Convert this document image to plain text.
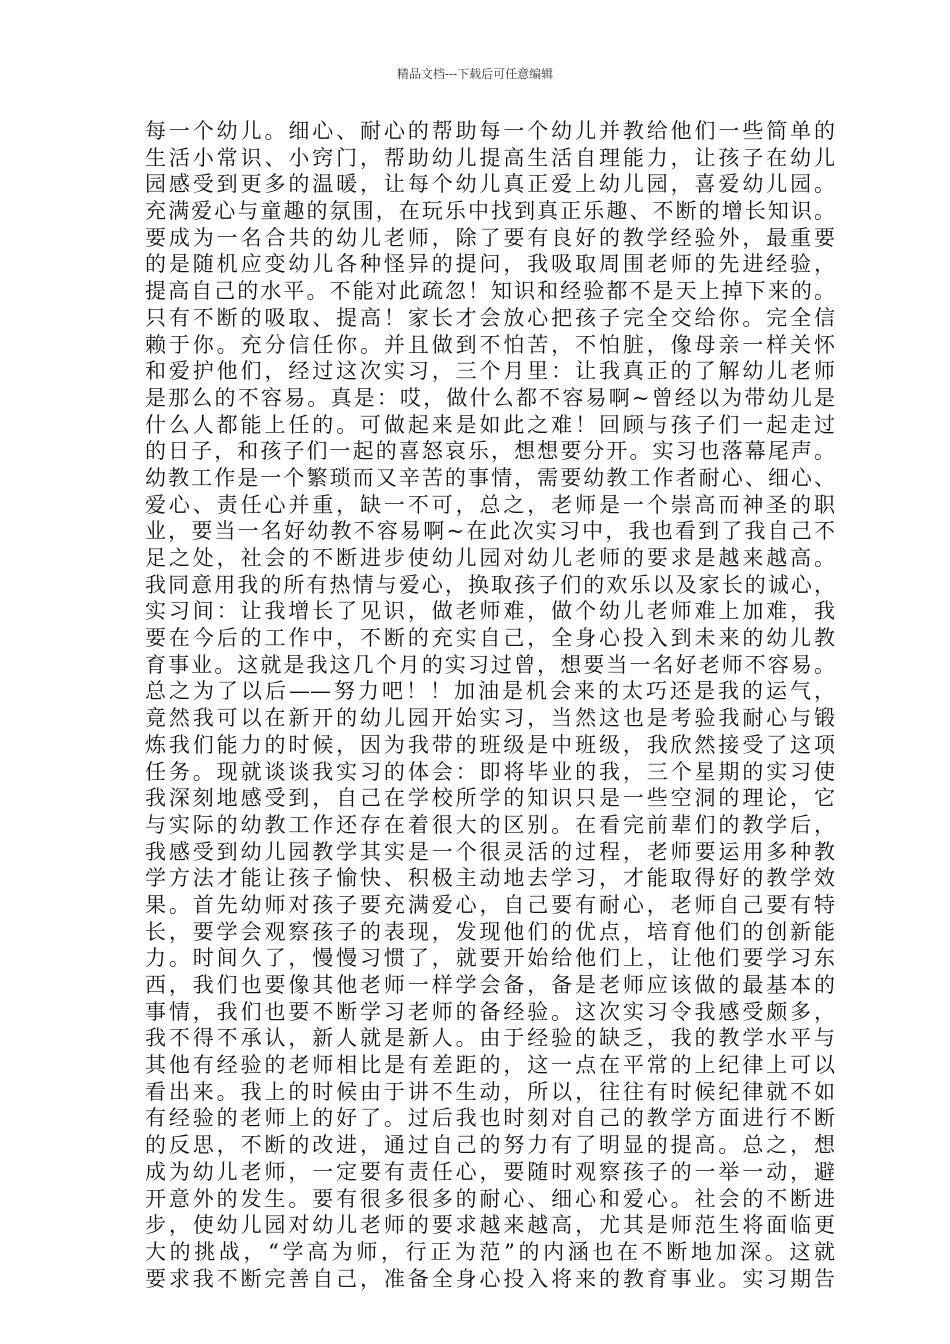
精品文档---下载后可任意编辑
每一个幼儿。细心、耐心的帮助每一个幼儿并教给他们一些简单的
生活小常识、小窍门，帮助幼儿提高生活自理能力，让孩子在幼儿
园感受到更多的温暖，让每个幼儿真正爱上幼儿园，喜爱幼儿园。
充满爱心与童趣的氛围，在玩乐中找到真正乐趣、不断的增长知识。
要成为一名合共的幼儿老师，除了要有良好的教学经验外，最重要
的是随机应变幼儿各种怪异的提问，我吸取周围老师的先进经验，
提高自己的水平。不能对此疏忽！知识和经验都不是天上掉下来的。
只有不断的吸取、提高！家长才会放心把孩子完全交给你。完全信
赖于你。充分信任你。并且做到不怕苦，不怕脏，像母亲一样关怀
和爱护他们，经过这次实习，三个月里：让我真正的了解幼儿老师
是那么的不容易。真是：哎，做什么都不容易啊~曾经以为带幼儿是
什么人都能上任的。可做起来是如此之难！回顾与孩子们一起走过
的日子，和孩子们一起的喜怒哀乐，想想要分开。实习也落幕尾声。
幼教工作是一个繁琐而又辛苦的事情，需要幼教工作者耐心、细心、
爱心、责任心并重，缺一不可，总之，老师是一个崇高而神圣的职
业，要当一名好幼教不容易啊~在此次实习中，我也看到了我自己不
足之处，社会的不断进步使幼儿园对幼儿老师的要求是越来越高。
我同意用我的所有热情与爱心，换取孩子们的欢乐以及家长的诚心，
实习间：让我增长了见识，做老师难，做个幼儿老师难上加难，我
要在今后的工作中，不断的充实自己，全身心投入到未来的幼儿教
育事业。这就是我这几个月的实习过曾，想要当一名好老师不容易。
总之为了以后——努力吧！！加油是机会来的太巧还是我的运气，
竟然我可以在新开的幼儿园开始实习，当然这也是考验我耐心与锻
炼我们能力的时候，因为我带的班级是中班级，我欣然接受了这项
任务。现就谈谈我实习的体会：即将毕业的我，三个星期的实习使
我深刻地感受到，自己在学校所学的知识只是一些空洞的理论，它
与实际的幼教工作还存在着很大的区别。在看完前辈们的教学后，
我感受到幼儿园教学其实是一个很灵活的过程，老师要运用多种教
学方法才能让孩子愉快、积极主动地去学习，才能取得好的教学效
果。首先幼师对孩子要充满爱心，自己要有耐心，老师自己要有特
长，要学会观察孩子的表现，发现他们的优点，培育他们的创新能
力。时间久了，慢慢习惯了，就要开始给他们上，让他们要学习东
西，我们也要像其他老师一样学会备，备是老师应该做的最基本的
事情，我们也要不断学习老师的备经验。这次实习令我感受颇多，
我不得不承认，新人就是新人。由于经验的缺乏，我的教学水平与
其他有经验的老师相比是有差距的，这一点在平常的上纪律上可以
看出来。我上的时候由于讲不生动，所以，往往有时候纪律就不如
有经验的老师上的好了。过后我也时刻对自己的教学方面进行不断
的反思，不断的改进，通过自己的努力有了明显的提高。总之，想
成为幼儿老师，一定要有责任心，要随时观察孩子的一举一动，避
开意外的发生。要有很多很多的耐心、细心和爱心。社会的不断进
步，使幼儿园对幼儿老师的要求越来越高，尤其是师范生将面临更
大的挑战，“学高为师，行正为范”的内涵也在不断地加深。这就
要求我不断完善自己，准备全身心投入将来的教育事业。实习期告
